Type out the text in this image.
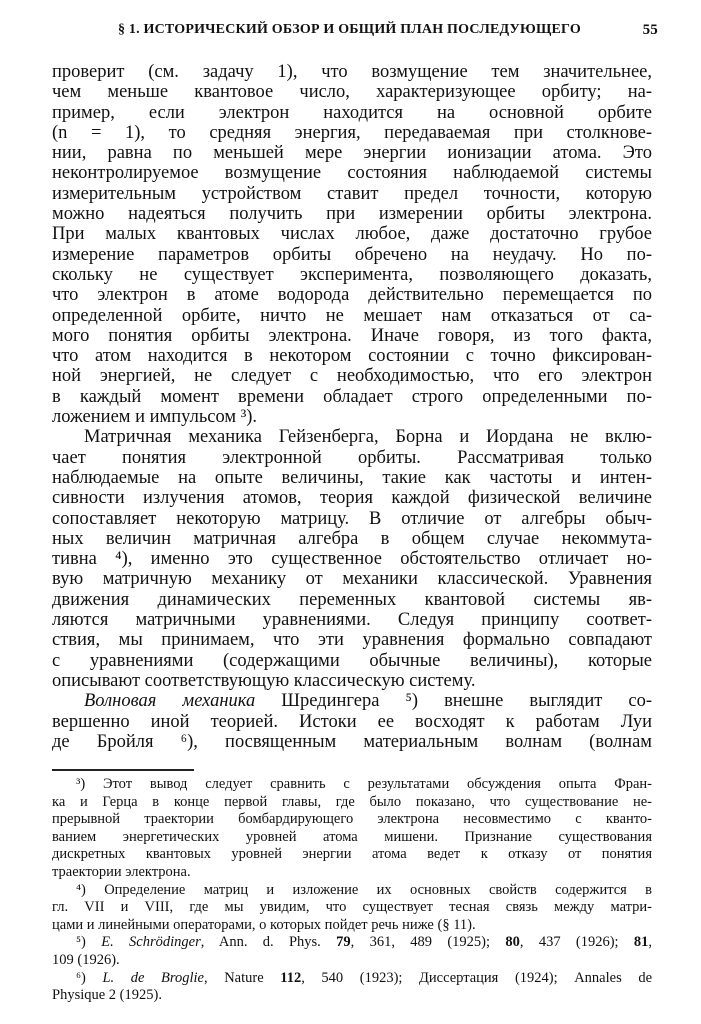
§ 1. ИСТОРИЧЕСКИЙ ОБЗОР И ОБЩИЙ ПЛАН ПОСЛЕДУЮЩЕГО	55
проверит (см. задачу 1), что возмущение тем значительнее,
чем меньше квантовое число, характеризующее орбиту; на-
пример, если электрон находится на основной орбите
(n = 1), то средняя энергия, передаваемая при столкнове-
нии, равна по меньшей мере энергии ионизации атома. Это
неконтролируемое возмущение состояния наблюдаемой системы
измерительным устройством ставит предел точности, которую
можно надеяться получить при измерении орбиты электрона.
При малых квантовых числах любое, даже достаточно грубое
измерение параметров орбиты обречено на неудачу. Но по-
скольку не существует эксперимента, позволяющего доказать,
что электрон в атоме водорода действительно перемещается по
определенной орбите, ничто не мешает нам отказаться от са-
мого понятия орбиты электрона. Иначе говоря, из того факта,
что атом находится в некотором состоянии с точно фиксирован-
ной энергией, не следует с необходимостью, что его электрон
в каждый момент времени обладает строго определенными по-
ложением и импульсом ³).
Матричная механика Гейзенберга, Борна и Иордана не вклю-
чает понятия электронной орбиты. Рассматривая только
наблюдаемые на опыте величины, такие как частоты и интен-
сивности излучения атомов, теория каждой физической величине
сопоставляет некоторую матрицу. В отличие от алгебры обыч-
ных величин матричная алгебра в общем случае некоммута-
тивна ⁴), именно это существенное обстоятельство отличает но-
вую матричную механику от механики классической. Уравнения
движения динамических переменных квантовой системы яв-
ляются матричными уравнениями. Следуя принципу соответ-
ствия, мы принимаем, что эти уравнения формально совпадают
с уравнениями (содержащими обычные величины), которые
описывают соответствующую классическую систему.
Волновая механика Шредингера ⁵) внешне выглядит со-
вершенно иной теорией. Истоки ее восходят к работам Луи
де Бройля ⁶), посвященным материальным волнам (волнам
³) Этот вывод следует сравнить с результатами обсуждения опыта Фран-
ка и Герца в конце первой главы, где было показано, что существование не-
прерывной траектории бомбардирующего электрона несовместимо с кванто-
ванием энергетических уровней атома мишени. Признание существования
дискретных квантовых уровней энергии атома ведет к отказу от понятия
траектории электрона.
⁴) Определение матриц и изложение их основных свойств содержится в
гл. VII и VIII, где мы увидим, что существует тесная связь между матри-
цами и линейными операторами, о которых пойдет речь ниже (§ 11).
⁵) E. Schrödinger, Ann. d. Phys. 79, 361, 489 (1925); 80, 437 (1926); 81,
109 (1926).
⁶) L. de Broglie, Nature 112, 540 (1923); Диссертация (1924); Annales de
Physique 2 (1925).
